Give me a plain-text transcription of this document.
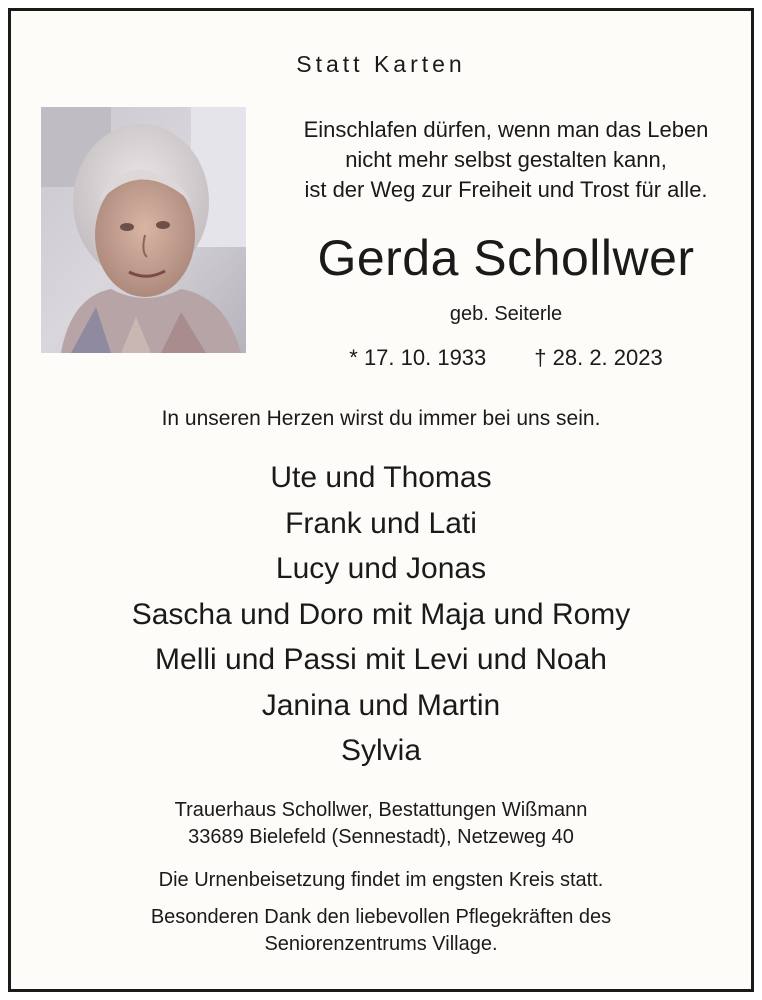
Statt Karten
Einschlafen dürfen, wenn man das Leben
nicht mehr selbst gestalten kann,
ist der Weg zur Freiheit und Trost für alle.
Gerda Schollwer
geb. Seiterle
* 17. 10. 1933 † 28. 2. 2023
In unseren Herzen wirst du immer bei uns sein.
Ute und Thomas
Frank und Lati
Lucy und Jonas
Sascha und Doro mit Maja und Romy
Melli und Passi mit Levi und Noah
Janina und Martin
Sylvia
Trauerhaus Schollwer, Bestattungen Wißmann
33689 Bielefeld (Sennestadt), Netzeweg 40
Die Urnenbeisetzung findet im engsten Kreis statt.
Besonderen Dank den liebevollen Pflegekräften des
Seniorenzentrums Village.
